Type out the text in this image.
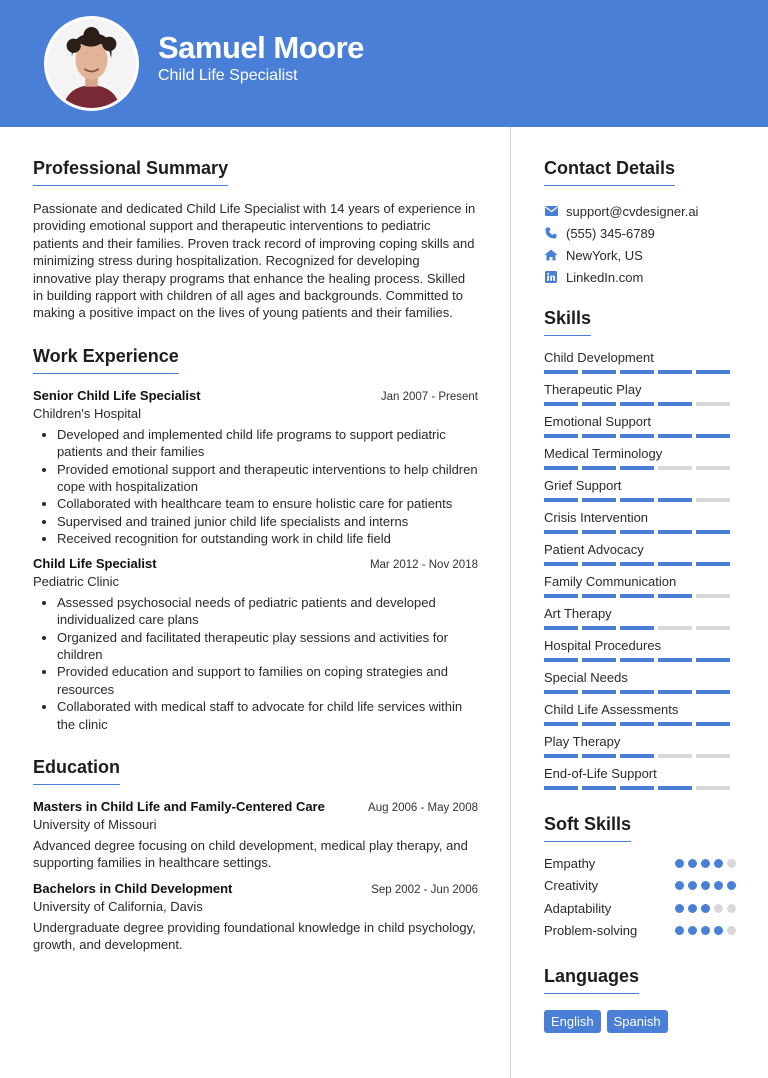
Samuel Moore
Child Life Specialist
Professional Summary
Passionate and dedicated Child Life Specialist with 14 years of experience in providing emotional support and therapeutic interventions to pediatric patients and their families. Proven track record of improving coping skills and minimizing stress during hospitalization. Recognized for developing innovative play therapy programs that enhance the healing process. Skilled in building rapport with children of all ages and backgrounds. Committed to making a positive impact on the lives of young patients and their families.
Work Experience
Senior Child Life Specialist	Jan 2007 - Present
Children's Hospital
• Developed and implemented child life programs to support pediatric patients and their families
• Provided emotional support and therapeutic interventions to help children cope with hospitalization
• Collaborated with healthcare team to ensure holistic care for patients
• Supervised and trained junior child life specialists and interns
• Received recognition for outstanding work in child life field
Child Life Specialist	Mar 2012 - Nov 2018
Pediatric Clinic
• Assessed psychosocial needs of pediatric patients and developed individualized care plans
• Organized and facilitated therapeutic play sessions and activities for children
• Provided education and support to families on coping strategies and resources
• Collaborated with medical staff to advocate for child life services within the clinic
Education
Masters in Child Life and Family-Centered Care	Aug 2006 - May 2008
University of Missouri
Advanced degree focusing on child development, medical play therapy, and supporting families in healthcare settings.
Bachelors in Child Development	Sep 2002 - Jun 2006
University of California, Davis
Undergraduate degree providing foundational knowledge in child psychology, growth, and development.
Contact Details
support@cvdesigner.ai
(555) 345-6789
NewYork, US
LinkedIn.com
Skills
Child Development
Therapeutic Play
Emotional Support
Medical Terminology
Grief Support
Crisis Intervention
Patient Advocacy
Family Communication
Art Therapy
Hospital Procedures
Special Needs
Child Life Assessments
Play Therapy
End-of-Life Support
Soft Skills
Empathy
Creativity
Adaptability
Problem-solving
Languages
English	Spanish
